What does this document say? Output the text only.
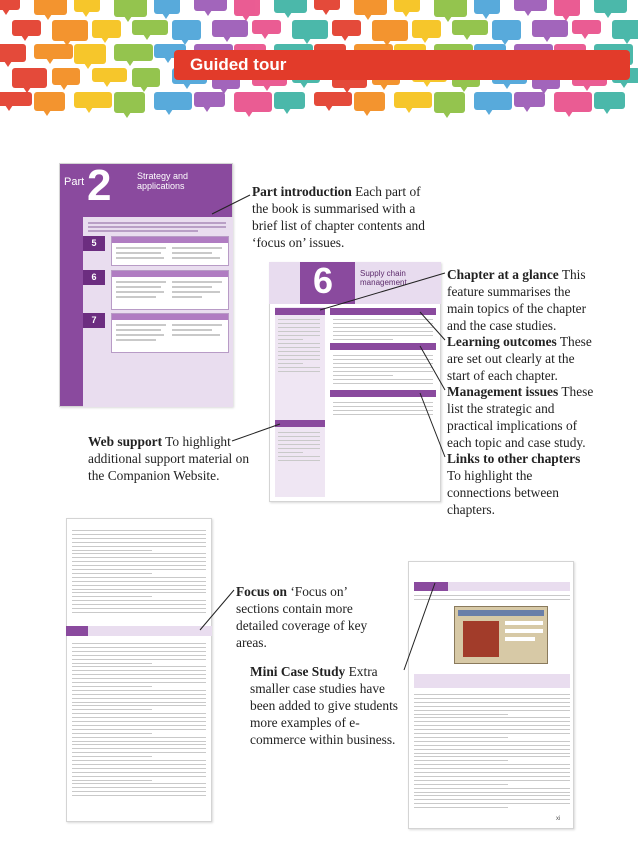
Guided tour
Part 2	Strategy and applications
5
6
7
6	Supply chain management
xi
Part introduction Each part of the book is summarised with a brief list of chapter contents and ‘focus on’ issues.
Chapter at a glance This feature summarises the main topics of the chapter and the case studies.
Learning outcomes These are set out clearly at the start of each chapter.
Management issues These list the strategic and practical implications of each topic and case study.
Links to other chapters To highlight the connections between chapters.
Web support To highlight additional support material on the Companion Website.
Focus on ‘Focus on’ sections contain more detailed coverage of key areas.
Mini Case Study Extra smaller case studies have been added to give students more examples of e-commerce within business.
